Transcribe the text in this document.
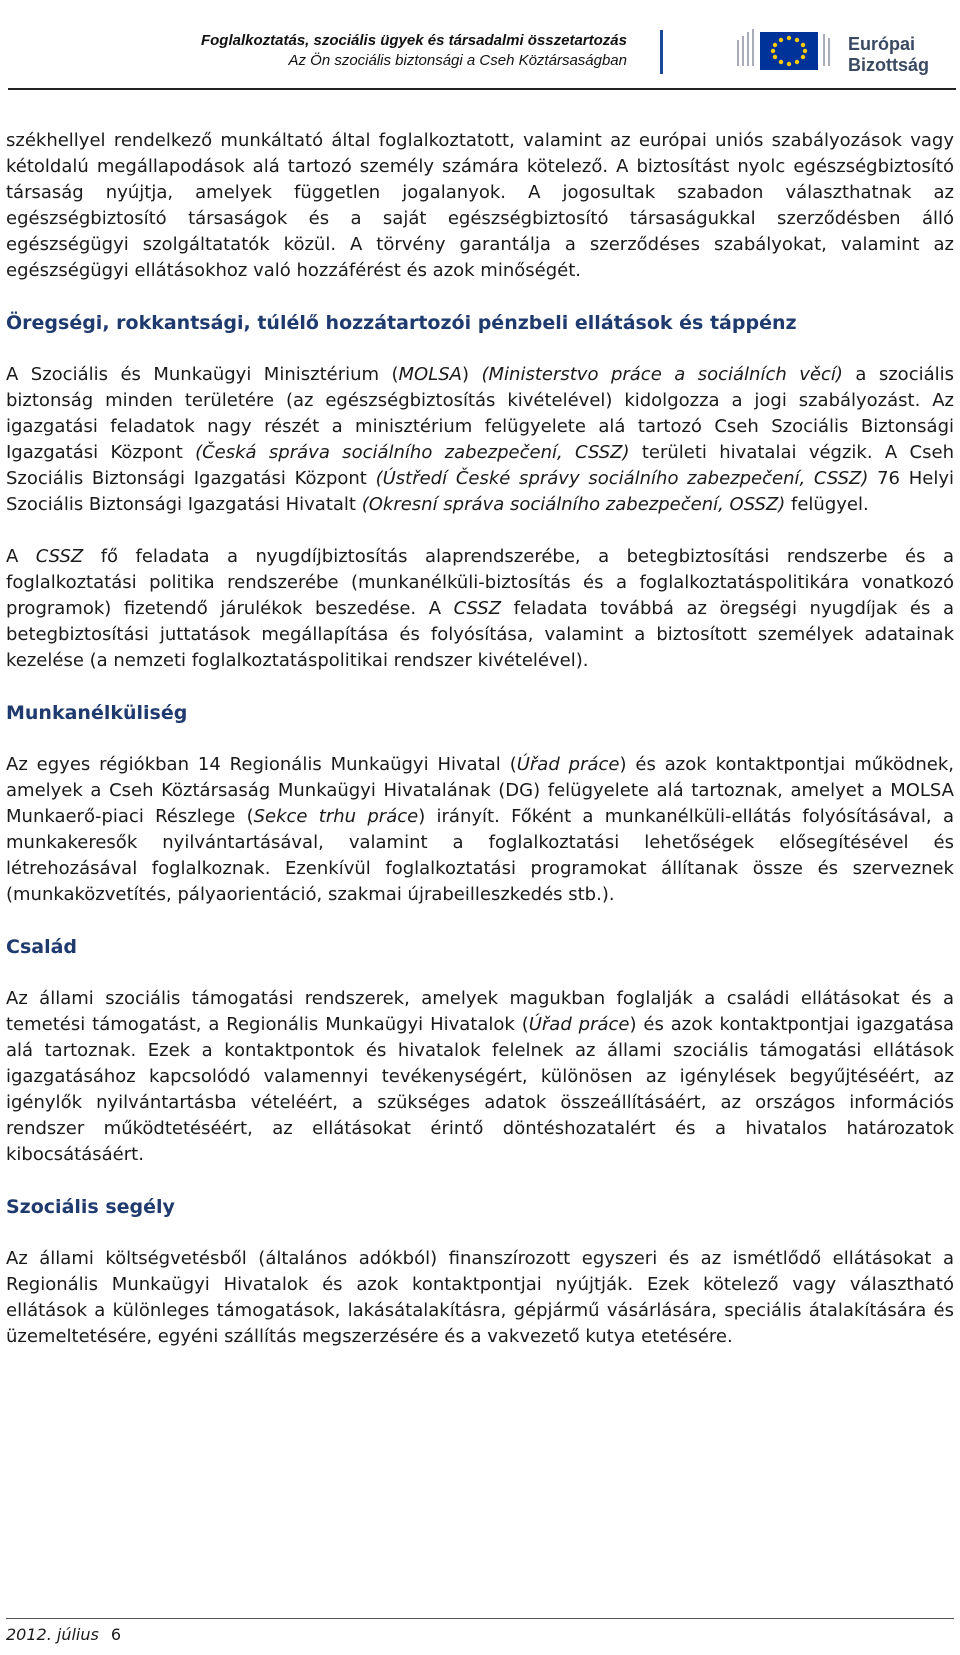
Foglalkoztatás, szociális ügyek és társadalmi összetartozás
Az Ön szociális biztonsági a Cseh Köztársaságban
Európai
Bizottság

székhellyel rendelkező munkáltató által foglalkoztatott, valamint az európai uniós szabályozások vagy kétoldalú megállapodások alá tartozó személy számára kötelező. A biztosítást nyolc egészségbiztosító társaság nyújtja, amelyek független jogalanyok. A jogosultak szabadon választhatnak az egészségbiztosító társaságok és a saját egészségbiztosító társaságukkal szerződésben álló egészségügyi szolgáltatatók közül. A törvény garantálja a szerződéses szabályokat, valamint az egészségügyi ellátásokhoz való hozzáférést és azok minőségét.

Öregségi, rokkantsági, túlélő hozzátartozói pénzbeli ellátások és táppénz

A Szociális és Munkaügyi Minisztérium (MOLSA) (Ministerstvo práce a sociálních věcí) a szociális biztonság minden területére (az egészségbiztosítás kivételével) kidolgozza a jogi szabályozást. Az igazgatási feladatok nagy részét a minisztérium felügyelete alá tartozó Cseh Szociális Biztonsági Igazgatási Központ (Česká správa sociálního zabezpečení, CSSZ) területi hivatalai végzik. A Cseh Szociális Biztonsági Igazgatási Központ (Ústředí České správy sociálního zabezpečení, CSSZ) 76 Helyi Szociális Biztonsági Igazgatási Hivatalt (Okresní správa sociálního zabezpečení, OSSZ) felügyel.

A CSSZ fő feladata a nyugdíjbiztosítás alaprendszerébe, a betegbiztosítási rendszerbe és a foglalkoztatási politika rendszerébe (munkanélküli-biztosítás és a foglalkoztatáspolitikára vonatkozó programok) fizetendő járulékok beszedése. A CSSZ feladata továbbá az öregségi nyugdíjak és a betegbiztosítási juttatások megállapítása és folyósítása, valamint a biztosított személyek adatainak kezelése (a nemzeti foglalkoztatáspolitikai rendszer kivételével).

Munkanélküliség

Az egyes régiókban 14 Regionális Munkaügyi Hivatal (Úřad práce) és azok kontaktpontjai működnek, amelyek a Cseh Köztársaság Munkaügyi Hivatalának (DG) felügyelete alá tartoznak, amelyet a MOLSA Munkaerő-piaci Részlege (Sekce trhu práce) irányít. Főként a munkanélküli-ellátás folyósításával, a munkakeresők nyilvántartásával, valamint a foglalkoztatási lehetőségek elősegítésével és létrehozásával foglalkoznak. Ezenkívül foglalkoztatási programokat állítanak össze és szerveznek (munkaközvetítés, pályaorientáció, szakmai újrabeilleszkedés stb.).

Család

Az állami szociális támogatási rendszerek, amelyek magukban foglalják a családi ellátásokat és a temetési támogatást, a Regionális Munkaügyi Hivatalok (Úřad práce) és azok kontaktpontjai igazgatása alá tartoznak. Ezek a kontaktpontok és hivatalok felelnek az állami szociális támogatási ellátások igazgatásához kapcsolódó valamennyi tevékenységért, különösen az igénylések begyűjtéséért, az igénylők nyilvántartásba vételéért, a szükséges adatok összeállításáért, az országos információs rendszer működtetéséért, az ellátásokat érintő döntéshozatalért és a hivatalos határozatok kibocsátásáért.

Szociális segély

Az állami költségvetésből (általános adókból) finanszírozott egyszeri és az ismétlődő ellátásokat a Regionális Munkaügyi Hivatalok és azok kontaktpontjai nyújtják. Ezek kötelező vagy választható ellátások a különleges támogatások, lakásátalakításra, gépjármű vásárlására, speciális átalakítására és üzemeltetésére, egyéni szállítás megszerzésére és a vakvezető kutya etetésére.

2012. július 6
